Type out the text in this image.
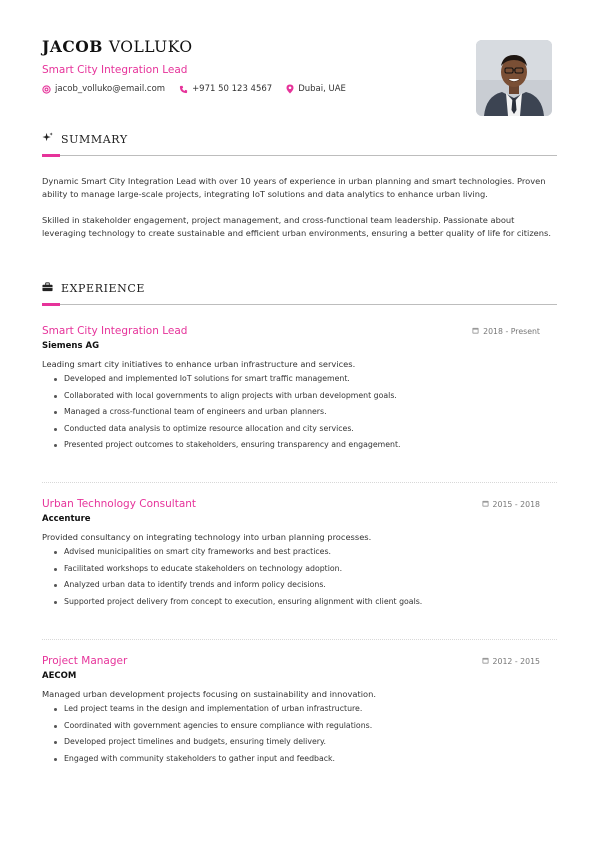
JACOB VOLLUKO
Smart City Integration Lead
jacob_volluko@email.com	+971 50 123 4567	Dubai, UAE
SUMMARY
Dynamic Smart City Integration Lead with over 10 years of experience in urban planning and smart technologies. Proven ability to manage large-scale projects, integrating IoT solutions and data analytics to enhance urban living.
Skilled in stakeholder engagement, project management, and cross-functional team leadership. Passionate about leveraging technology to create sustainable and efficient urban environments, ensuring a better quality of life for citizens.
EXPERIENCE
Smart City Integration Lead	2018 - Present
Siemens AG
Leading smart city initiatives to enhance urban infrastructure and services.
Developed and implemented IoT solutions for smart traffic management.
Collaborated with local governments to align projects with urban development goals.
Managed a cross-functional team of engineers and urban planners.
Conducted data analysis to optimize resource allocation and city services.
Presented project outcomes to stakeholders, ensuring transparency and engagement.
Urban Technology Consultant	2015 - 2018
Accenture
Provided consultancy on integrating technology into urban planning processes.
Advised municipalities on smart city frameworks and best practices.
Facilitated workshops to educate stakeholders on technology adoption.
Analyzed urban data to identify trends and inform policy decisions.
Supported project delivery from concept to execution, ensuring alignment with client goals.
Project Manager	2012 - 2015
AECOM
Managed urban development projects focusing on sustainability and innovation.
Led project teams in the design and implementation of urban infrastructure.
Coordinated with government agencies to ensure compliance with regulations.
Developed project timelines and budgets, ensuring timely delivery.
Engaged with community stakeholders to gather input and feedback.
